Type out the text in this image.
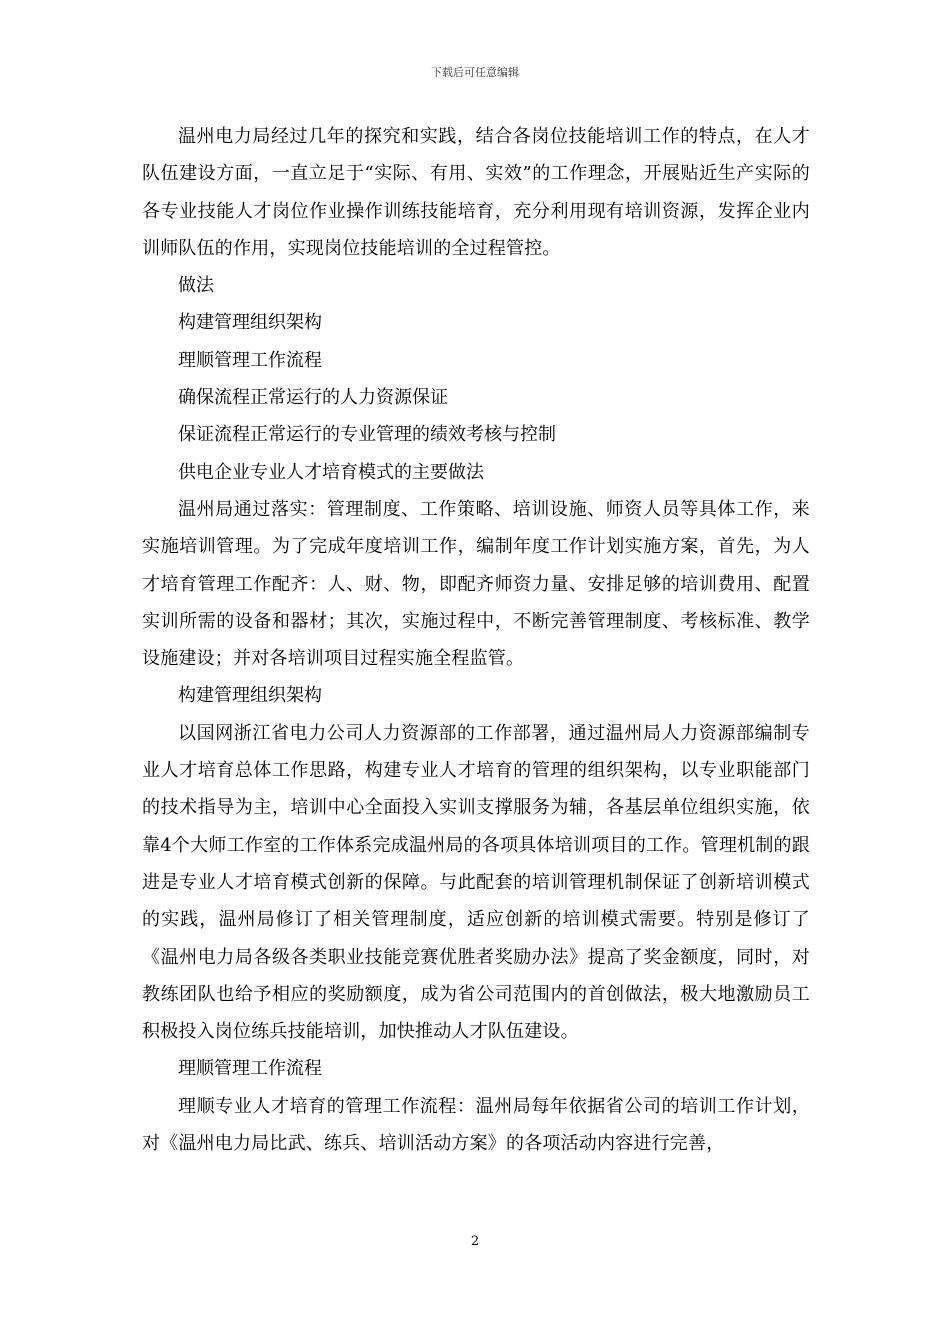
下载后可任意编辑

温州电力局经过几年的探究和实践，结合各岗位技能培训工作的特点，在人才队伍建设方面，一直立足于“实际、有用、实效”的工作理念，开展贴近生产实际的各专业技能人才岗位作业操作训练技能培育，充分利用现有培训资源，发挥企业内训师队伍的作用，实现岗位技能培训的全过程管控。

做法

构建管理组织架构

理顺管理工作流程

确保流程正常运行的人力资源保证

保证流程正常运行的专业管理的绩效考核与控制

供电企业专业人才培育模式的主要做法

温州局通过落实：管理制度、工作策略、培训设施、师资人员等具体工作，来实施培训管理。为了完成年度培训工作，编制年度工作计划实施方案，首先，为人才培育管理工作配齐：人、财、物，即配齐师资力量、安排足够的培训费用、配置实训所需的设备和器材；其次，实施过程中，不断完善管理制度、考核标准、教学设施建设；并对各培训项目过程实施全程监管。

构建管理组织架构

以国网浙江省电力公司人力资源部的工作部署，通过温州局人力资源部编制专业人才培育总体工作思路，构建专业人才培育的管理的组织架构，以专业职能部门的技术指导为主，培训中心全面投入实训支撑服务为辅，各基层单位组织实施，依靠4个大师工作室的工作体系完成温州局的各项具体培训项目的工作。管理机制的跟进是专业人才培育模式创新的保障。与此配套的培训管理机制保证了创新培训模式的实践，温州局修订了相关管理制度，适应创新的培训模式需要。特别是修订了《温州电力局各级各类职业技能竞赛优胜者奖励办法》提高了奖金额度，同时，对教练团队也给予相应的奖励额度，成为省公司范围内的首创做法，极大地激励员工积极投入岗位练兵技能培训，加快推动人才队伍建设。

理顺管理工作流程

理顺专业人才培育的管理工作流程：温州局每年依据省公司的培训工作计划，对《温州电力局比武、练兵、培训活动方案》的各项活动内容进行完善，

2
